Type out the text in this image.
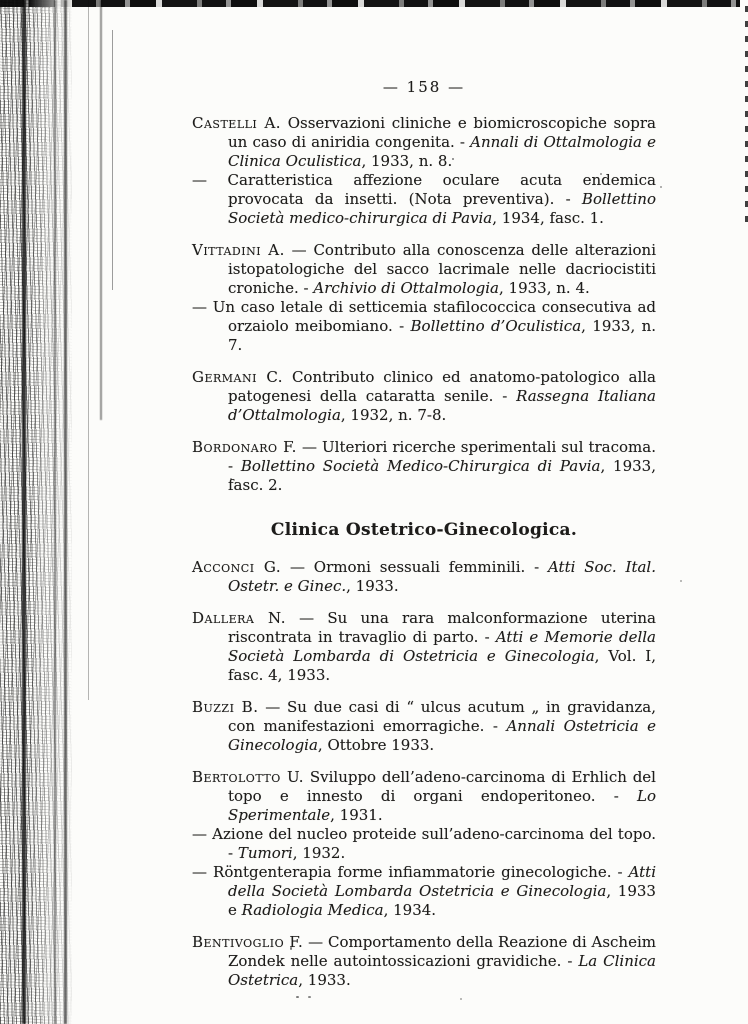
— 158 —

Castelli A. Osservazioni cliniche e biomicroscopiche sopra un caso di aniridia congenita. - Annali di Ottalmologia e Clinica Oculistica, 1933, n. 8.

— Caratteristica affezione oculare acuta endemica provocata da insetti. (Nota preventiva). - Bollettino Società medico-chirurgica di Pavia, 1934, fasc. 1.

Vittadini A. — Contributo alla conoscenza delle alterazioni istopatologiche del sacco lacrimale nelle dacriocistiti croniche. - Archivio di Ottalmologia, 1933, n. 4.

— Un caso letale di setticemia stafilococcica consecutiva ad orzaiolo meibomiano. - Bollettino d’Oculistica, 1933, n. 7.

Germani C. Contributo clinico ed anatomo-patologico alla patogenesi della cataratta senile. - Rassegna Italiana d’Ottalmologia, 1932, n. 7-8.

Bordonaro F. — Ulteriori ricerche sperimentali sul tracoma. - Bollettino Società Medico-Chirurgica di Pavia, 1933, fasc. 2.

Clinica Ostetrico-Ginecologica.

Acconci G. — Ormoni sessuali femminili. - Atti Soc. Ital. Ostetr. e Ginec., 1933.

Dallera N. — Su una rara malconformazione uterina riscontrata in travaglio di parto. - Atti e Memorie della Società Lombarda di Ostetricia e Ginecologia, Vol. I, fasc. 4, 1933.

Buzzi B. — Su due casi di “ ulcus acutum „ in gravidanza, con manifestazioni emorragiche. - Annali Ostetricia e Ginecologia, Ottobre 1933.

Bertolotto U. Sviluppo dell’adeno-carcinoma di Erhlich del topo e innesto di organi endoperitoneo. - Lo Sperimentale, 1931.

— Azione del nucleo proteide sull’adeno-carcinoma del topo. - Tumori, 1932.

— Röntgenterapia forme infiammatorie ginecologiche. - Atti della Società Lombarda Ostetricia e Ginecologia, 1933 e Radiologia Medica, 1934.

Bentivoglio F. — Comportamento della Reazione di Ascheim Zondek nelle autointossicazioni gravidiche. - La Clinica Ostetrica, 1933.
